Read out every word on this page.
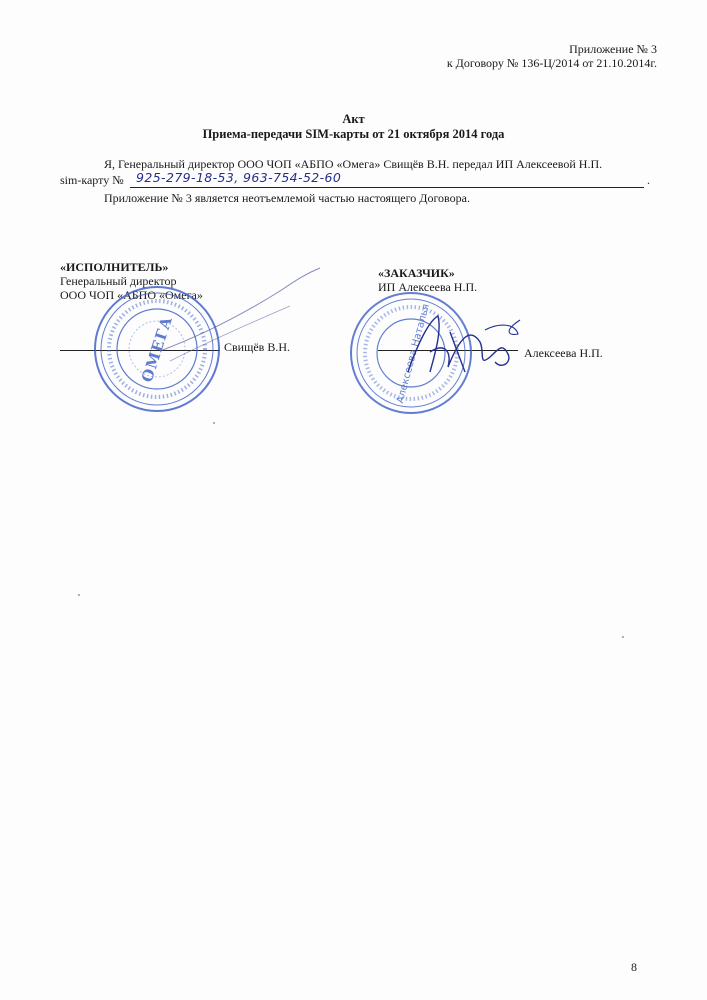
Приложение № 3
к Договору № 136-Ц/2014 от 21.10.2014г.
Акт
Приема-передачи SIM-карты от 21 октября 2014 года
Я, Генеральный директор ООО ЧОП «АБПО «Омега» Свищёв В.Н. передал ИП Алексеевой Н.П.
sim-карту № 925-279-18-53, 963-754-52-60	.
Приложение № 3 является неотъемлемой частью настоящего Договора.
«ИСПОЛНИТЕЛЬ»
Генеральный директор
ООО ЧОП «АБПО «Омега»
Свищёв В.Н.
«ЗАКАЗЧИК»
ИП Алексеева Н.П.
Алексеева Н.П.
ОМЕГА	Алексеева Наталья
8
